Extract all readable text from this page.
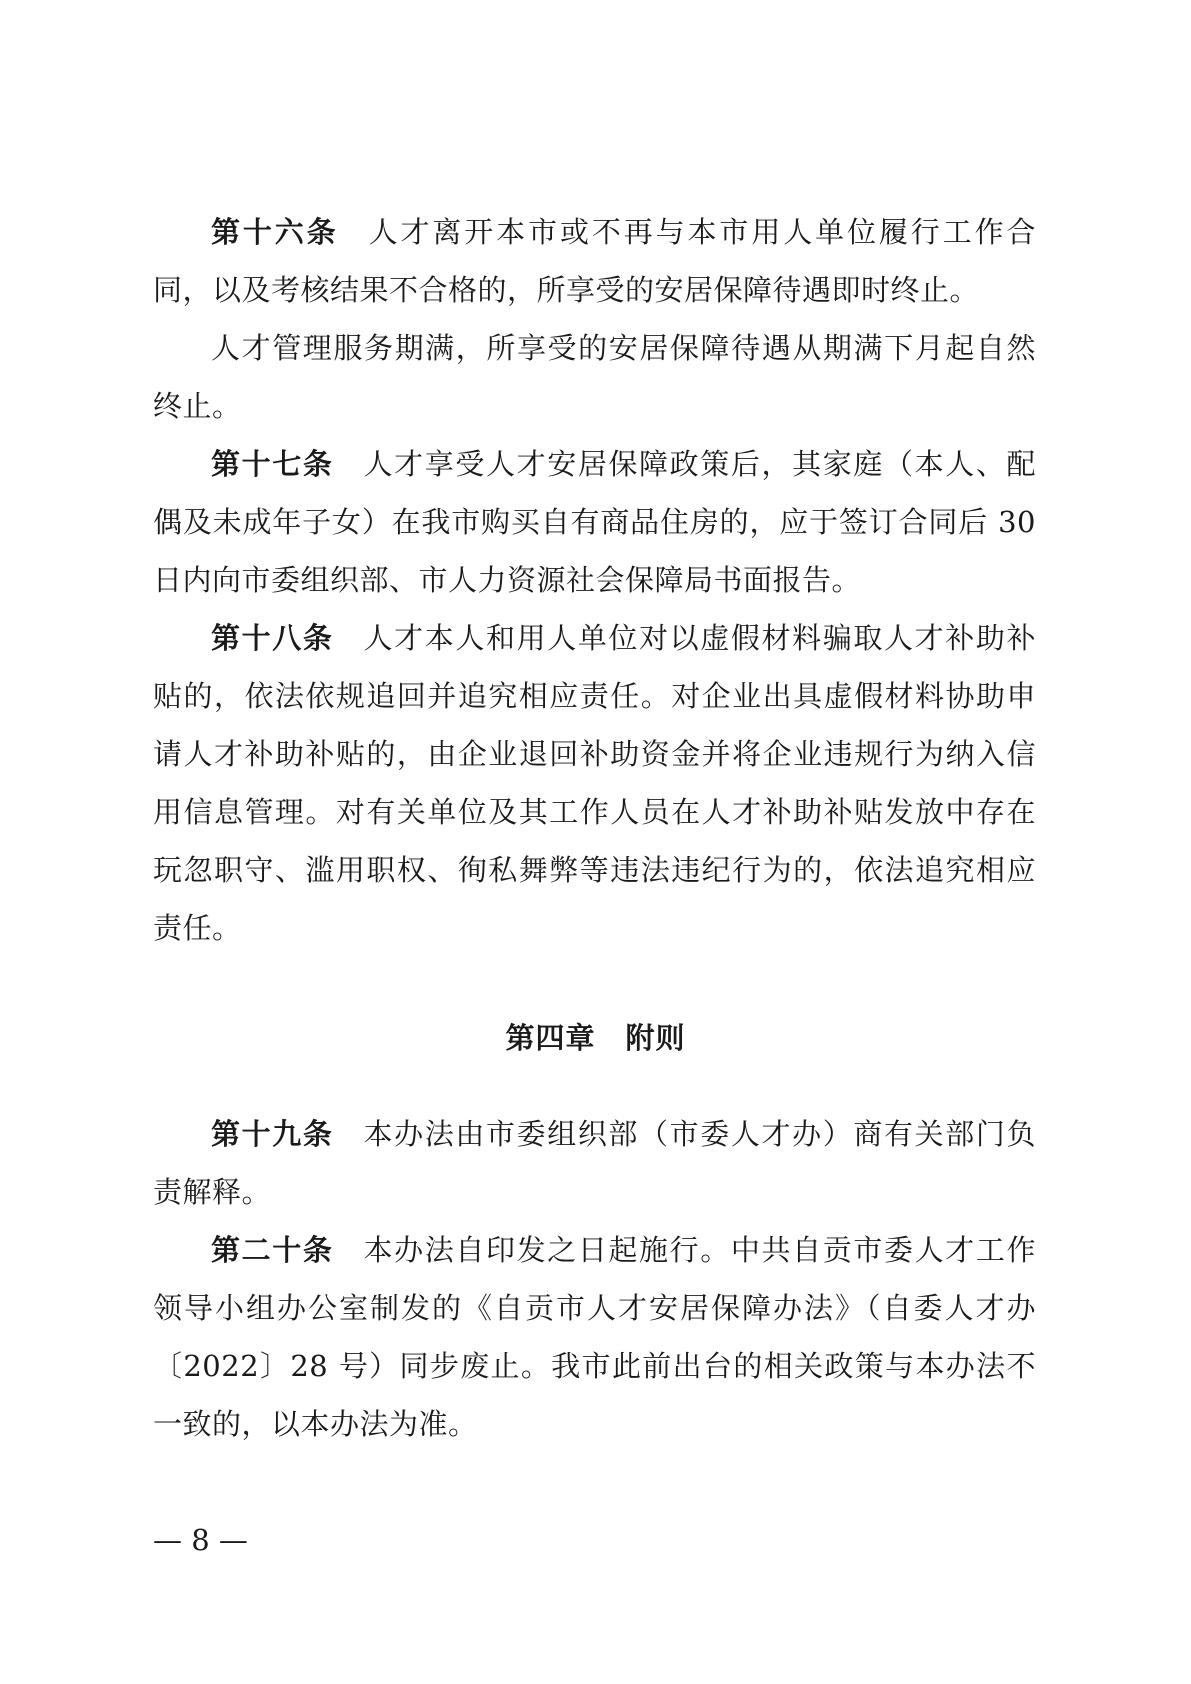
第十六条 人才离开本市或不再与本市用人单位履行工作合同，以及考核结果不合格的，所享受的安居保障待遇即时终止。

人才管理服务期满，所享受的安居保障待遇从期满下月起自然终止。

第十七条 人才享受人才安居保障政策后，其家庭（本人、配偶及未成年子女）在我市购买自有商品住房的，应于签订合同后 30 日内向市委组织部、市人力资源社会保障局书面报告。

第十八条 人才本人和用人单位对以虚假材料骗取人才补助补贴的，依法依规追回并追究相应责任。对企业出具虚假材料协助申请人才补助补贴的，由企业退回补助资金并将企业违规行为纳入信用信息管理。对有关单位及其工作人员在人才补助补贴发放中存在玩忽职守、滥用职权、徇私舞弊等违法违纪行为的，依法追究相应责任。

第四章 附则

第十九条 本办法由市委组织部（市委人才办）商有关部门负责解释。

第二十条 本办法自印发之日起施行。中共自贡市委人才工作领导小组办公室制发的《自贡市人才安居保障办法》（自委人才办〔2022〕28 号）同步废止。我市此前出台的相关政策与本办法不一致的，以本办法为准。

— 8 —
